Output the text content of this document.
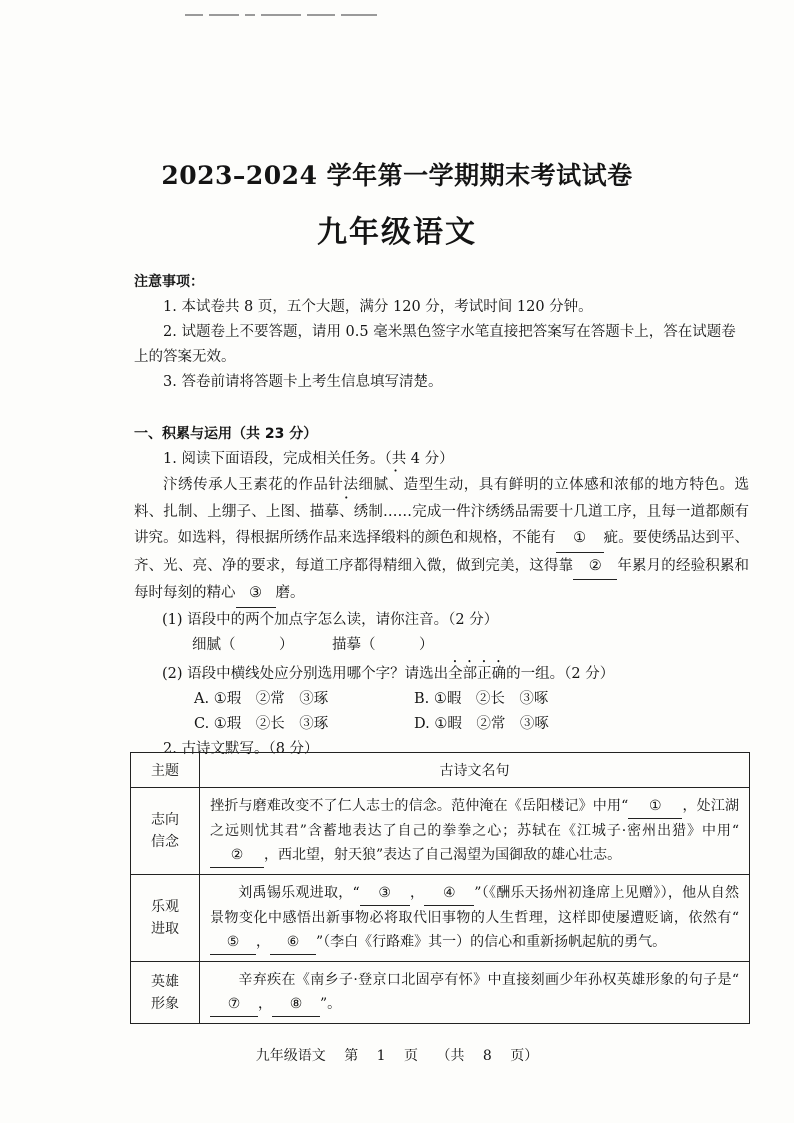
2023–2024 学年第一学期期末考试试卷
九年级语文
注意事项：
1. 本试卷共 8 页，五个大题，满分 120 分，考试时间 120 分钟。
2. 试题卷上不要答题，请用 0.5 毫米黑色签字水笔直接把答案写在答题卡上，答在试题卷上的答案无效。
3. 答卷前请将答题卡上考生信息填写清楚。
一、积累与运用（共 23 分）
1. 阅读下面语段，完成相关任务。（共 4 分）
汴绣传承人王素花的作品针法细腻、造型生动，具有鲜明的立体感和浓郁的地方特色。选料、扎制、上绷子、上图、描摹、绣制……完成一件汴绣绣品需要十几道工序，且每一道都颇有讲究。如选料，得根据所绣作品来选择缎料的颜色和规格，不能有 ① 疵。要使绣品达到平、齐、光、亮、净的要求，每道工序都得精细入微，做到完美，这得靠 ② 年累月的经验积累和每时每刻的精心 ③ 磨。
(1) 语段中的两个加点字怎么读，请你注音。（2 分）
细腻（　　　）	描摹（　　　）
(2) 语段中横线处应分别选用哪个字？请选出全部正确的一组。（2 分）
A. ①瑕　②常　③琢	B. ①暇　②长　③啄
C. ①瑕　②长　③琢	D. ①暇　②常　③啄
2. 古诗文默写。（8 分）
主题	古诗文名句
志向
信念	挫折与磨难改变不了仁人志士的信念。范仲淹在《岳阳楼记》中用“ ① ，处江湖之远则忧其君”含蓄地表达了自己的拳拳之心；苏轼在《江城子·密州出猎》中用“② ，西北望，射天狼”表达了自己渴望为国御敌的雄心壮志。
乐观
进取	刘禹锡乐观进取，“ ③ ， ④ ”（《酬乐天扬州初逢席上见赠》），他从自然景物变化中感悟出新事物必将取代旧事物的人生哲理，这样即使屡遭贬谪，依然有“⑤ ， ⑥ ”（李白《行路难》其一）的信心和重新扬帆起航的勇气。
英雄
形象	辛弃疾在《南乡子·登京口北固亭有怀》中直接刻画少年孙权英雄形象的句子是“⑦ ， ⑧ ”。
九年级语文 第 1 页 （共 8 页）
